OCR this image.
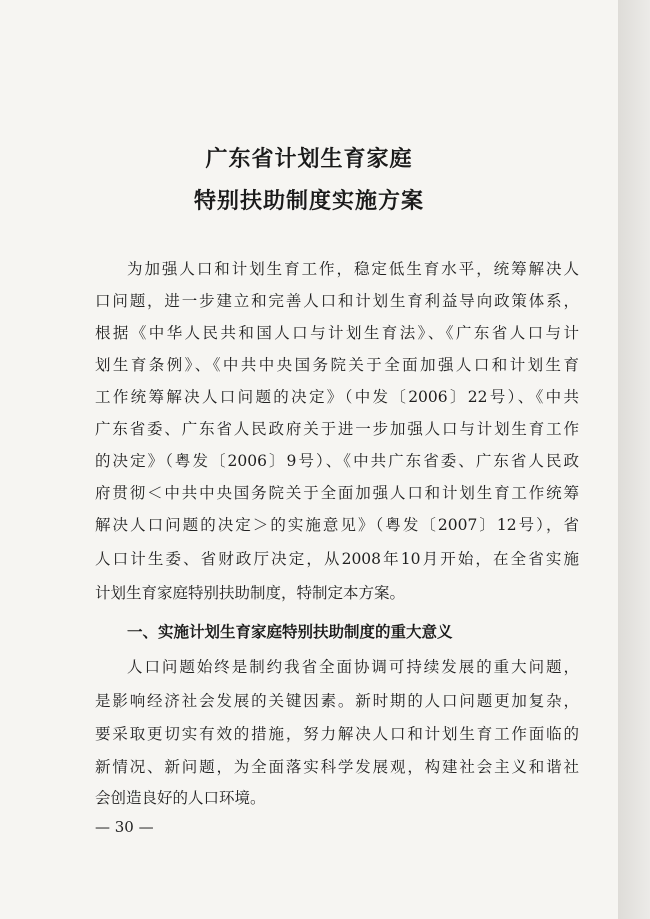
广东省计划生育家庭
特别扶助制度实施方案
为加强人口和计划生育工作，稳定低生育水平，统筹解决人
口问题，进一步建立和完善人口和计划生育利益导向政策体系，
根据《中华人民共和国人口与计划生育法》、《广东省人口与计
划生育条例》、《中共中央国务院关于全面加强人口和计划生育
工作统筹解决人口问题的决定》（中发〔2006〕22号）、《中共
广东省委、广东省人民政府关于进一步加强人口与计划生育工作
的决定》（粤发〔2006〕9号）、《中共广东省委、广东省人民政
府贯彻＜中共中央国务院关于全面加强人口和计划生育工作统筹
解决人口问题的决定＞的实施意见》（粤发〔2007〕12号），省
人口计生委、省财政厅决定，从2008年10月开始，在全省实施
计划生育家庭特别扶助制度，特制定本方案。
一、实施计划生育家庭特别扶助制度的重大意义
人口问题始终是制约我省全面协调可持续发展的重大问题，
是影响经济社会发展的关键因素。新时期的人口问题更加复杂，
要采取更切实有效的措施，努力解决人口和计划生育工作面临的
新情况、新问题，为全面落实科学发展观，构建社会主义和谐社
会创造良好的人口环境。
— 30 —
